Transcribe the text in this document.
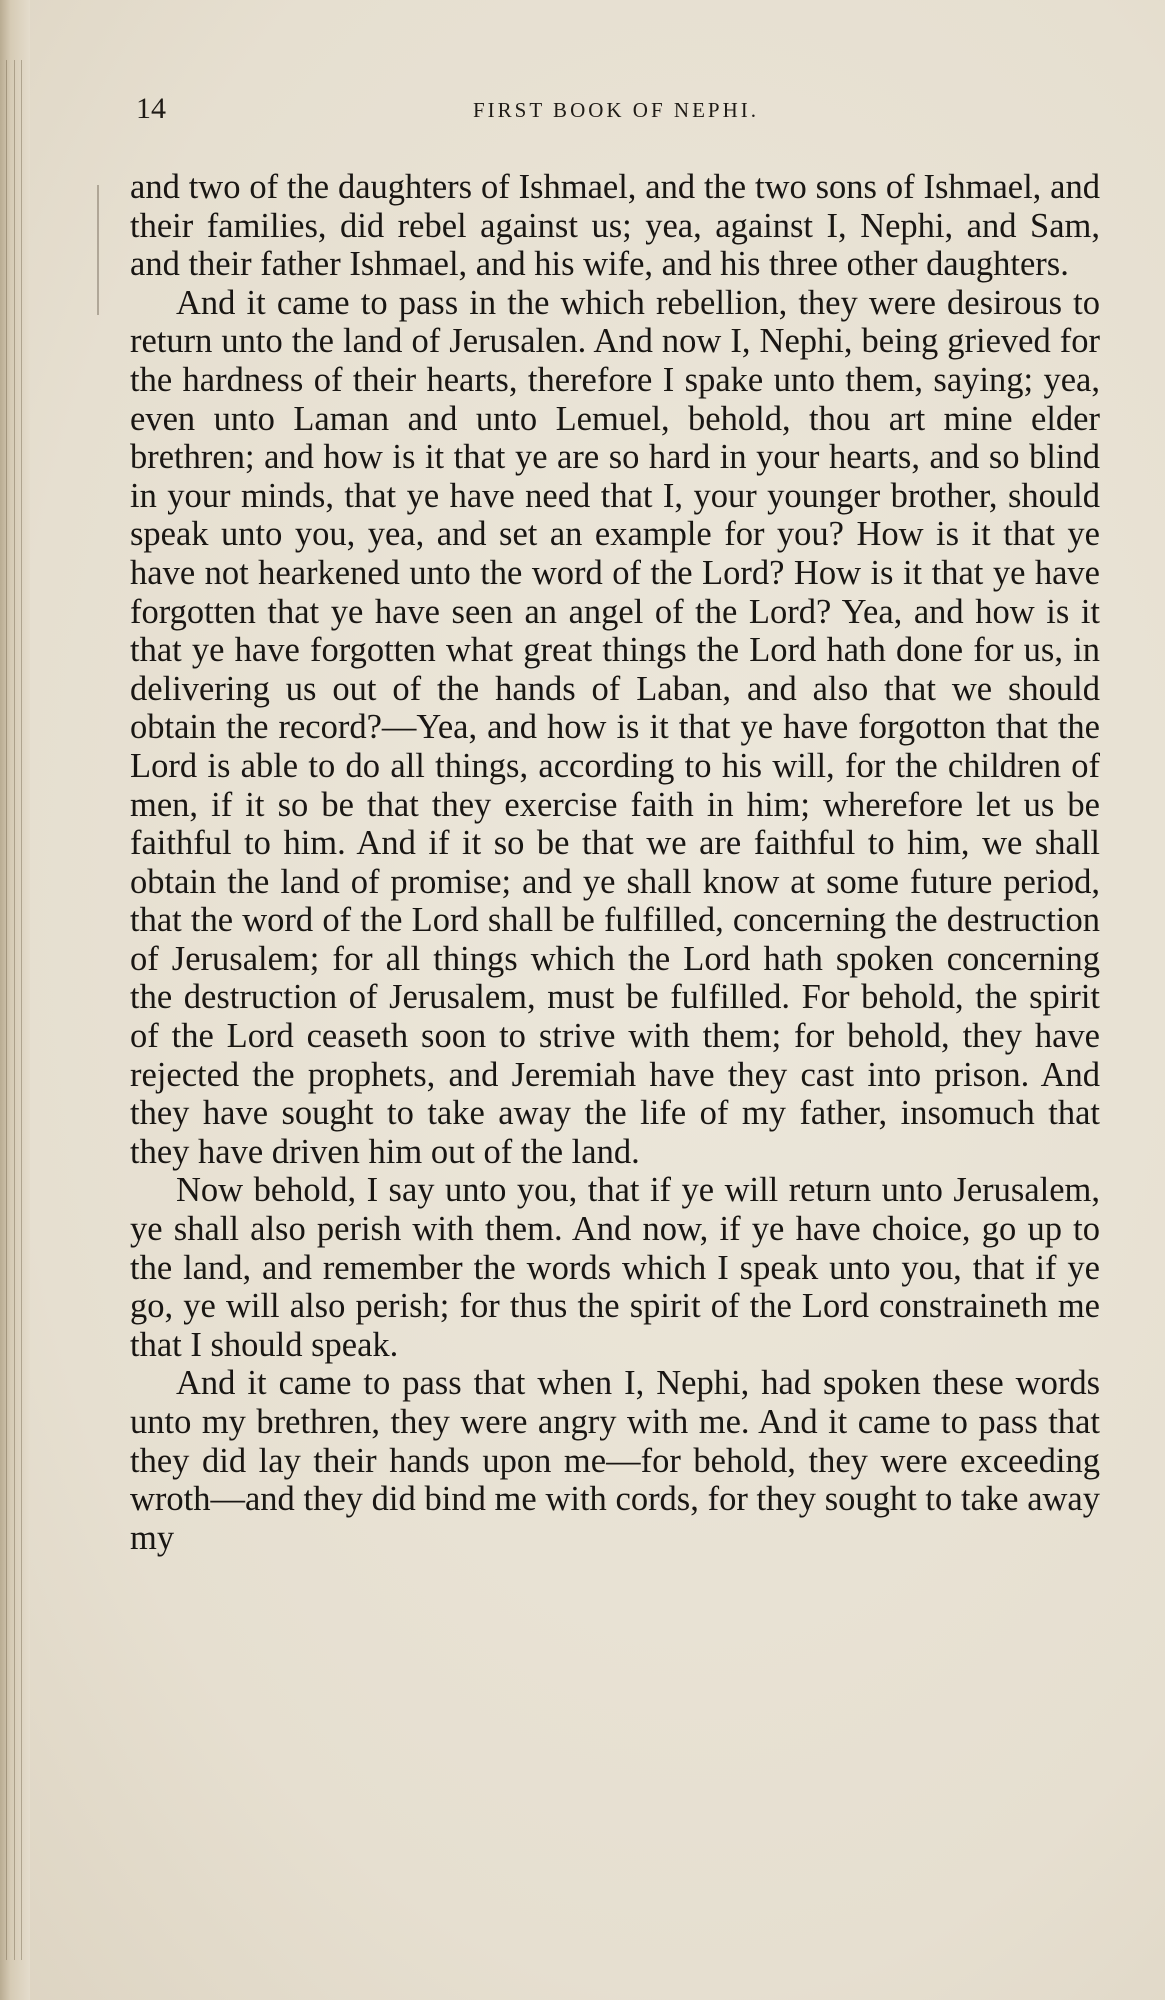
14	FIRST BOOK OF NEPHI.

and two of the daughters of Ishmael, and the two sons of Ishmael, and their families, did rebel against us; yea, against I, Nephi, and Sam, and their father Ishmael, and his wife, and his three other daughters.

And it came to pass in the which rebellion, they were desirous to return unto the land of Jerusalen. And now I, Nephi, being grieved for the hardness of their hearts, therefore I spake unto them, saying; yea, even unto Laman and unto Lemuel, behold, thou art mine elder brethren; and how is it that ye are so hard in your hearts, and so blind in your minds, that ye have need that I, your younger brother, should speak unto you, yea, and set an example for you? How is it that ye have not hearkened unto the word of the Lord? How is it that ye have forgotten that ye have seen an angel of the Lord? Yea, and how is it that ye have forgotten what great things the Lord hath done for us, in delivering us out of the hands of Laban, and also that we should obtain the record?—Yea, and how is it that ye have forgotton that the Lord is able to do all things, according to his will, for the children of men, if it so be that they exercise faith in him; wherefore let us be faithful to him. And if it so be that we are faithful to him, we shall obtain the land of promise; and ye shall know at some future period, that the word of the Lord shall be fulfilled, concerning the destruction of Jerusalem; for all things which the Lord hath spoken concerning the destruction of Jerusalem, must be fulfilled. For behold, the spirit of the Lord ceaseth soon to strive with them; for behold, they have rejected the prophets, and Jeremiah have they cast into prison. And they have sought to take away the life of my father, insomuch that they have driven him out of the land.

Now behold, I say unto you, that if ye will return unto Jerusalem, ye shall also perish with them. And now, if ye have choice, go up to the land, and remember the words which I speak unto you, that if ye go, ye will also perish; for thus the spirit of the Lord constraineth me that I should speak.

And it came to pass that when I, Nephi, had spoken these words unto my brethren, they were angry with me. And it came to pass that they did lay their hands upon me—for behold, they were exceeding wroth—and they did bind me with cords, for they sought to take away my
